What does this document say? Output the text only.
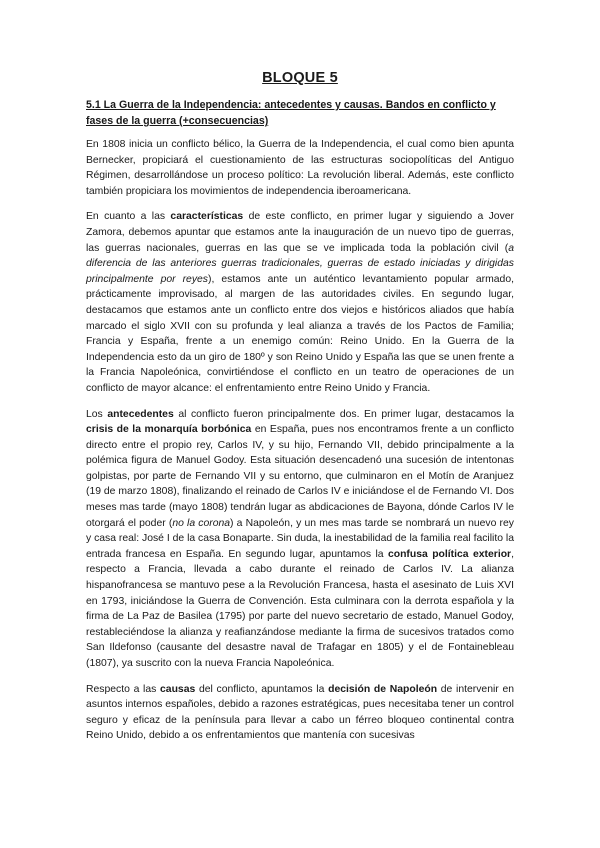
BLOQUE 5
5.1 La Guerra de la Independencia: antecedentes y causas. Bandos en conflicto y fases de la guerra (+consecuencias)

En 1808 inicia un conflicto bélico, la Guerra de la Independencia, el cual como bien apunta Bernecker, propiciará el cuestionamiento de las estructuras sociopolíticas del Antiguo Régimen, desarrollándose un proceso político: La revolución liberal. Además, este conflicto también propiciara los movimientos de independencia iberoamericana.

En cuanto a las características de este conflicto, en primer lugar y siguiendo a Jover Zamora, debemos apuntar que estamos ante la inauguración de un nuevo tipo de guerras, las guerras nacionales, guerras en las que se ve implicada toda la población civil (a diferencia de las anteriores guerras tradicionales, guerras de estado iniciadas y dirigidas principalmente por reyes), estamos ante un auténtico levantamiento popular armado, prácticamente improvisado, al margen de las autoridades civiles. En segundo lugar, destacamos que estamos ante un conflicto entre dos viejos e históricos aliados que había marcado el siglo XVII con su profunda y leal alianza a través de los Pactos de Familia; Francia y España, frente a un enemigo común: Reino Unido. En la Guerra de la Independencia esto da un giro de 180º y son Reino Unido y España las que se unen frente a la Francia Napoleónica, convirtiéndose el conflicto en un teatro de operaciones de un conflicto de mayor alcance: el enfrentamiento entre Reino Unido y Francia.

Los antecedentes al conflicto fueron principalmente dos. En primer lugar, destacamos la crisis de la monarquía borbónica en España, pues nos encontramos frente a un conflicto directo entre el propio rey, Carlos IV, y su hijo, Fernando VII, debido principalmente a la polémica figura de Manuel Godoy. Esta situación desencadenó una sucesión de intentonas golpistas, por parte de Fernando VII y su entorno, que culminaron en el Motín de Aranjuez (19 de marzo 1808), finalizando el reinado de Carlos IV e iniciándose el de Fernando VI. Dos meses mas tarde (mayo 1808) tendrán lugar as abdicaciones de Bayona, dónde Carlos IV le otorgará el poder (no la corona) a Napoleón, y un mes mas tarde se nombrará un nuevo rey y casa real: José I de la casa Bonaparte. Sin duda, la inestabilidad de la familia real facilito la entrada francesa en España. En segundo lugar, apuntamos la confusa política exterior, respecto a Francia, llevada a cabo durante el reinado de Carlos IV. La alianza hispanofrancesa se mantuvo pese a la Revolución Francesa, hasta el asesinato de Luis XVI en 1793, iniciándose la Guerra de Convención. Esta culminara con la derrota española y la firma de La Paz de Basilea (1795) por parte del nuevo secretario de estado, Manuel Godoy, restableciéndose la alianza y reafianzándose mediante la firma de sucesivos tratados como San Ildefonso (causante del desastre naval de Trafagar en 1805) y el de Fontainebleau (1807), ya suscrito con la nueva Francia Napoleónica.

Respecto a las causas del conflicto, apuntamos la decisión de Napoleón de intervenir en asuntos internos españoles, debido a razones estratégicas, pues necesitaba tener un control seguro y eficaz de la península para llevar a cabo un férreo bloqueo continental contra Reino Unido, debido a os enfrentamientos que mantenía con sucesivas
